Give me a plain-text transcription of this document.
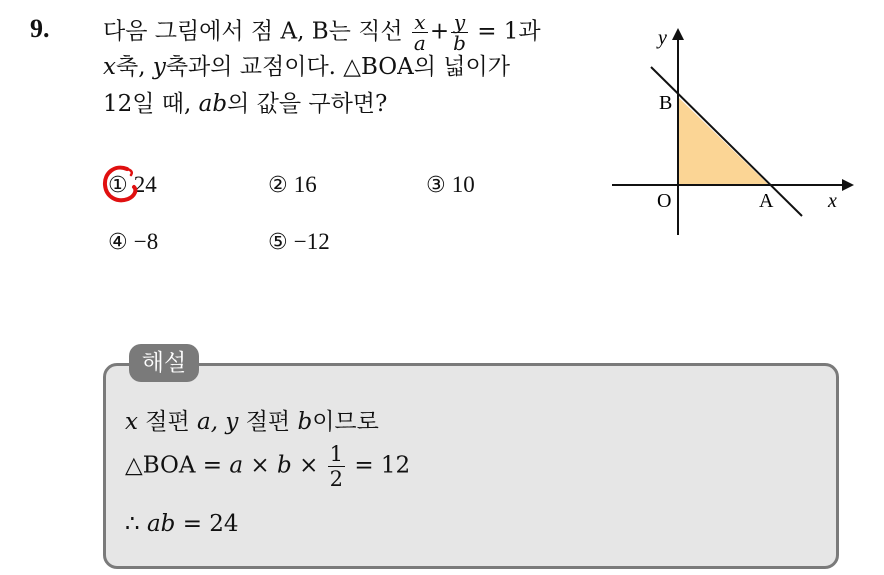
9. 다음 그림에서 점 A, B는 직선 $\frac{x}{a} + \frac{y}{b} = 1$과
x축, y축과의 교점이다. △BOA의 넓이가
12일 때, ab의 값을 구하면?
① 24	② 16	③ 10
④ −8	⑤ −12
y
x
O	A
B
해설
x 절편 a, y 절편 b이므로
△BOA = $a \times b \times \frac{1}{2} = 12$
∴ ab = 24
